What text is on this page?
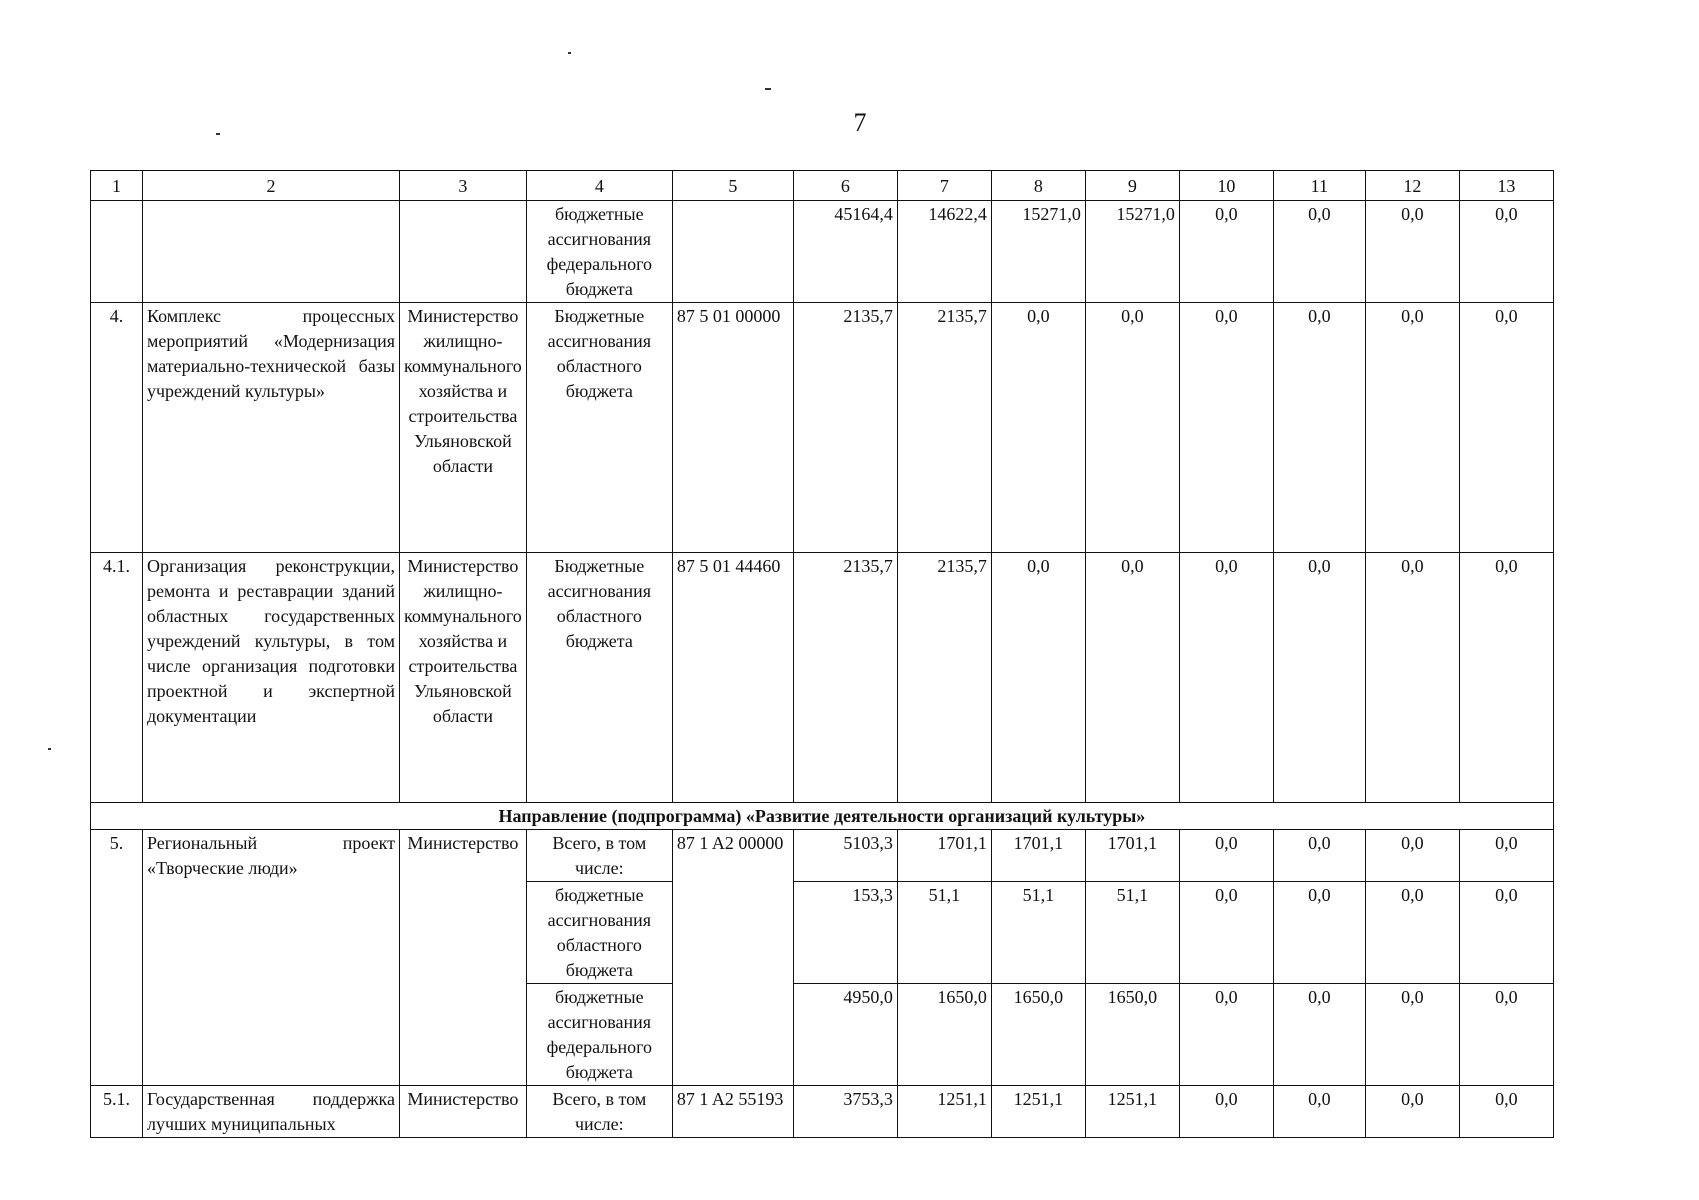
7
1	2	3	4	5	6	7	8	9	10	11	12	13
			бюджетные ассигнования федерального бюджета		45164,4	14622,4	15271,0	15271,0	0,0	0,0	0,0	0,0
4.	Комплекс процессных мероприятий «Модернизация материально-технической базы учреждений культуры»	Министерство жилищно-коммунального хозяйства и строительства Ульяновской области	Бюджетные ассигнования областного бюджета	87 5 01 00000	2135,7	2135,7	0,0	0,0	0,0	0,0	0,0	0,0
4.1.	Организация реконструкции, ремонта и реставрации зданий областных государственных учреждений культуры, в том числе организация подготовки проектной и экспертной документации	Министерство жилищно-коммунального хозяйства и строительства Ульяновской области	Бюджетные ассигнования областного бюджета	87 5 01 44460	2135,7	2135,7	0,0	0,0	0,0	0,0	0,0	0,0
Направление (подпрограмма) «Развитие деятельности организаций культуры»												
5.	Региональный проект «Творческие люди»	Министерство	Всего, в том числе:	87 1 A2 00000	5103,3	1701,1	1701,1	1701,1	0,0	0,0	0,0	0,0
			бюджетные ассигнования областного бюджета		153,3	51,1	51,1	51,1	0,0	0,0	0,0	0,0
			бюджетные ассигнования федерального бюджета		4950,0	1650,0	1650,0	1650,0	0,0	0,0	0,0	0,0
5.1.	Государственная поддержка лучших муниципальных	Министерство	Всего, в том числе:	87 1 A2 55193	3753,3	1251,1	1251,1	1251,1	0,0	0,0	0,0	0,0
